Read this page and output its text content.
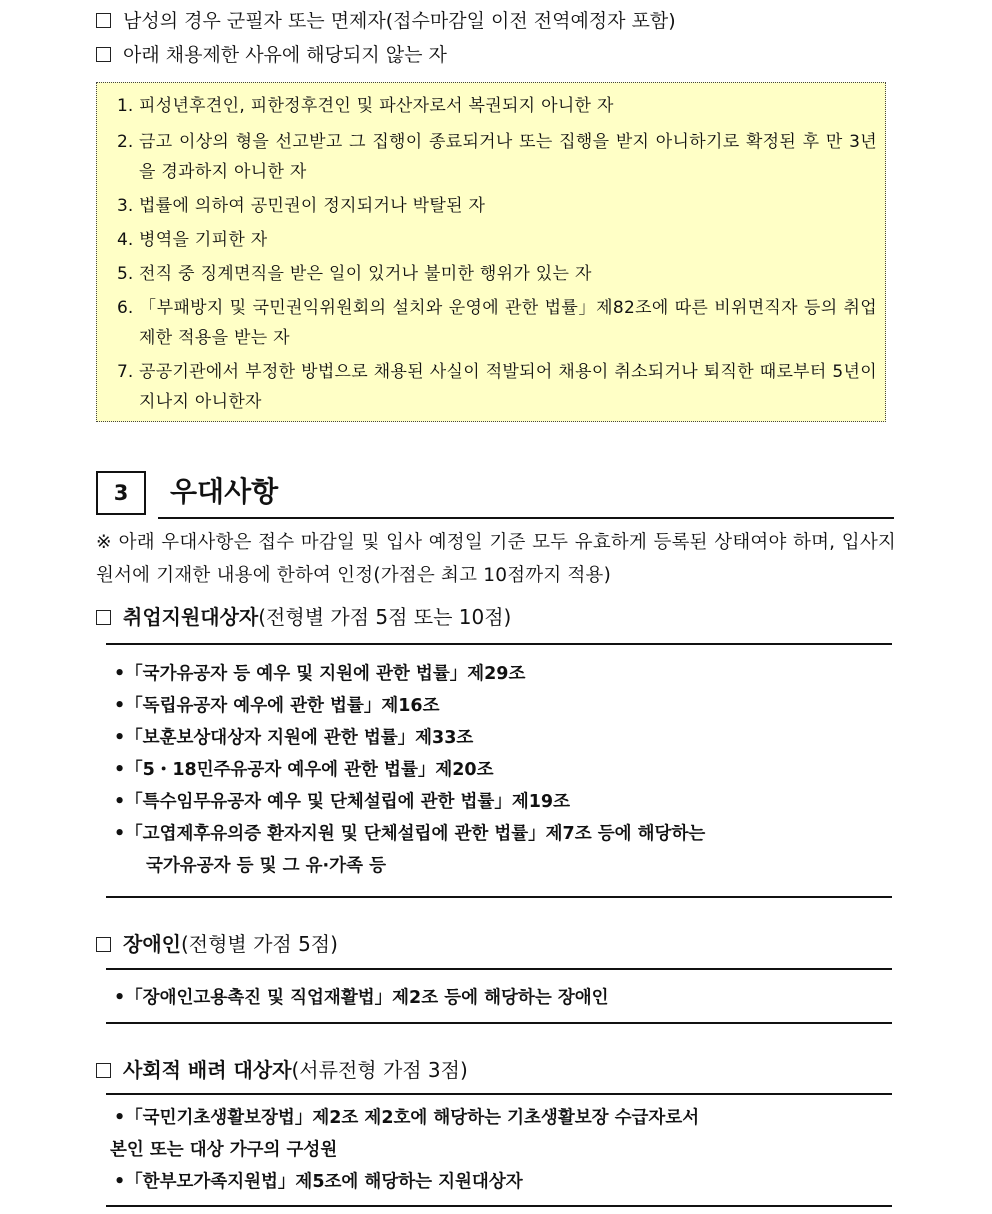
남성의 경우 군필자 또는 면제자(접수마감일 이전 전역예정자 포함)
아래 채용제한 사유에 해당되지 않는 자
1. 피성년후견인, 피한정후견인 및 파산자로서 복권되지 아니한 자
2. 금고 이상의 형을 선고받고 그 집행이 종료되거나 또는 집행을 받지 아니하기로 확정된 후 만 3년을 경과하지 아니한 자
3. 법률에 의하여 공민권이 정지되거나 박탈된 자
4. 병역을 기피한 자
5. 전직 중 징계면직을 받은 일이 있거나 불미한 행위가 있는 자
6. 「부패방지 및 국민권익위원회의 설치와 운영에 관한 법률」제82조에 따른 비위면직자 등의 취업제한 적용을 받는 자
7. 공공기관에서 부정한 방법으로 채용된 사실이 적발되어 채용이 취소되거나 퇴직한 때로부터 5년이 지나지 아니한자
3	우대사항
※ 아래 우대사항은 접수 마감일 및 입사 예정일 기준 모두 유효하게 등록된 상태여야 하며, 입사지원서에 기재한 내용에 한하여 인정(가점은 최고 10점까지 적용)
취업지원대상자(전형별 가점 5점 또는 10점)
•「국가유공자 등 예우 및 지원에 관한 법률」제29조
•「독립유공자 예우에 관한 법률」제16조
•「보훈보상대상자 지원에 관한 법률」제33조
•「5・18민주유공자 예우에 관한 법률」제20조
•「특수임무유공자 예우 및 단체설립에 관한 법률」제19조
•「고엽제후유의증 환자지원 및 단체설립에 관한 법률」제7조 등에 해당하는
국가유공자 등 및 그 유·가족 등
장애인(전형별 가점 5점)
•「장애인고용촉진 및 직업재활법」제2조 등에 해당하는 장애인
사회적 배려 대상자(서류전형 가점 3점)
•「국민기초생활보장법」제2조 제2호에 해당하는 기초생활보장 수급자로서
본인 또는 대상 가구의 구성원
•「한부모가족지원법」제5조에 해당하는 지원대상자
